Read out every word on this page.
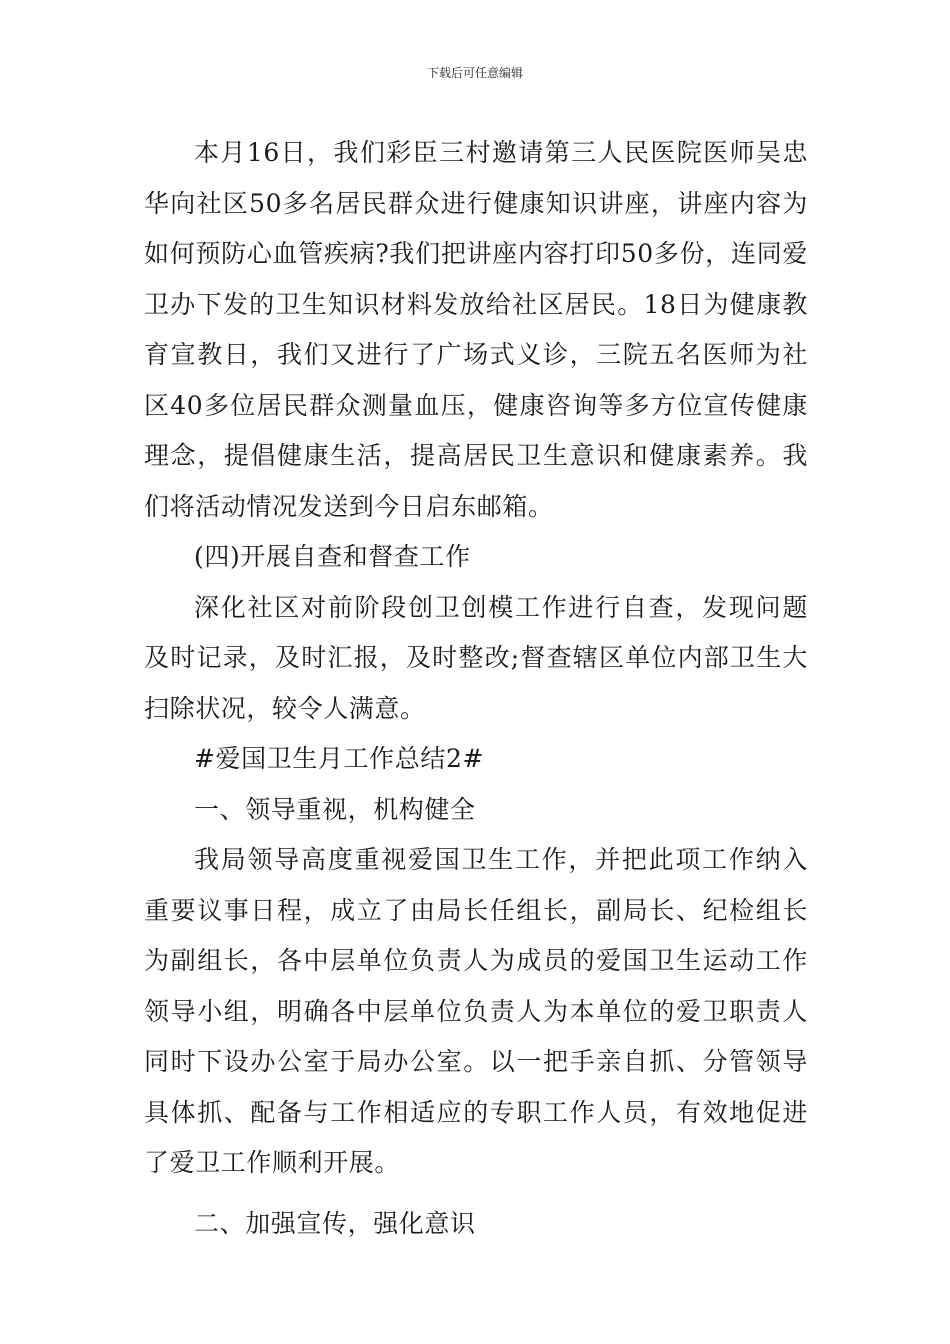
下载后可任意编辑

本月16日，我们彩臣三村邀请第三人民医院医师吴忠华向社区50多名居民群众进行健康知识讲座，讲座内容为如何预防心血管疾病?我们把讲座内容打印50多份，连同爱卫办下发的卫生知识材料发放给社区居民。18日为健康教育宣教日，我们又进行了广场式义诊，三院五名医师为社区40多位居民群众测量血压，健康咨询等多方位宣传健康理念，提倡健康生活，提高居民卫生意识和健康素养。我们将活动情况发送到今日启东邮箱。

(四)开展自查和督查工作

深化社区对前阶段创卫创模工作进行自查，发现问题及时记录，及时汇报，及时整改;督查辖区单位内部卫生大扫除状况，较令人满意。

#爱国卫生月工作总结2#

一、领导重视，机构健全

我局领导高度重视爱国卫生工作，并把此项工作纳入重要议事日程，成立了由局长任组长，副局长、纪检组长为副组长，各中层单位负责人为成员的爱国卫生运动工作领导小组，明确各中层单位负责人为本单位的爱卫职责人同时下设办公室于局办公室。以一把手亲自抓、分管领导具体抓、配备与工作相适应的专职工作人员，有效地促进了爱卫工作顺利开展。

二、加强宣传，强化意识
